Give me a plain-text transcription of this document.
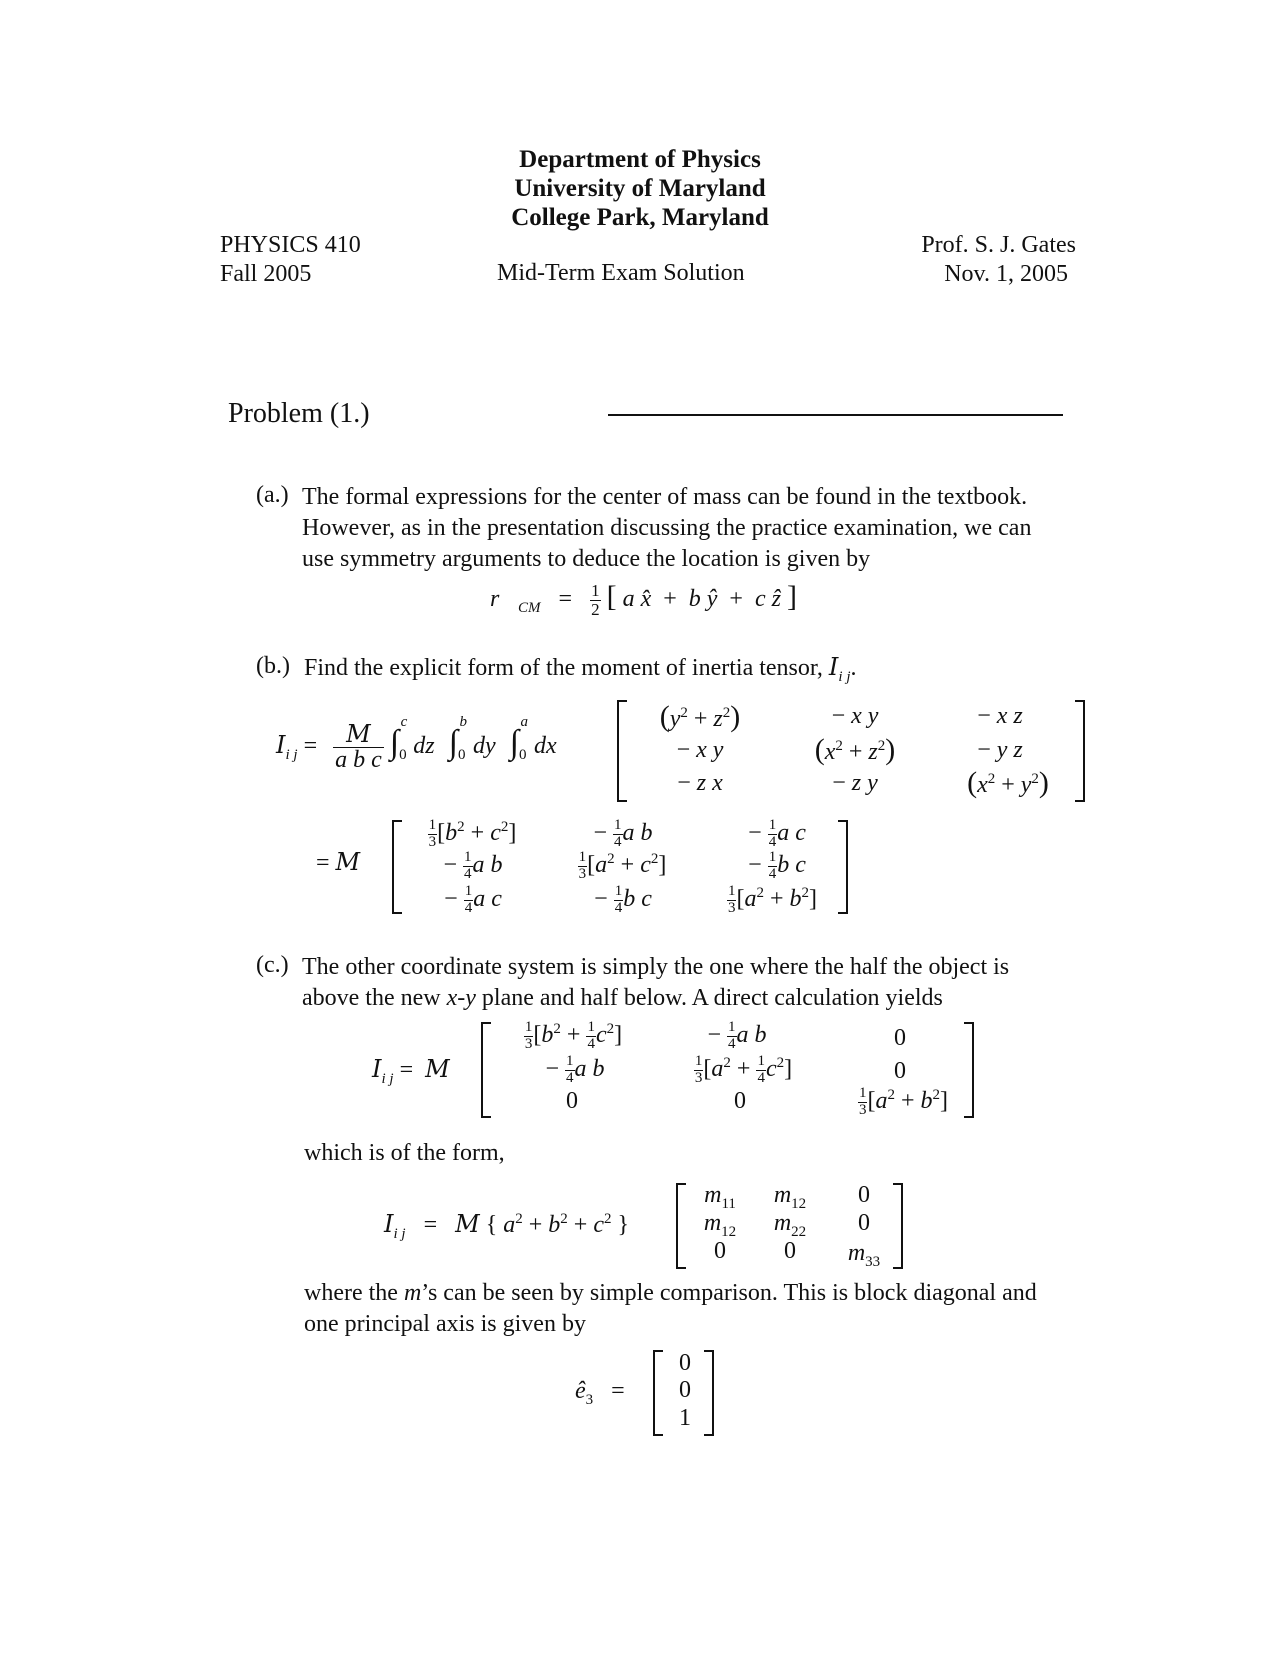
Department of Physics
University of Maryland
College Park, Maryland
PHYSICS 410
Fall 2005	Mid-Term Exam Solution
Prof. S. J. Gates
Nov. 1, 2005
Problem (1.)
(a.) The formal expressions for the center of mass can be found in the textbook.
However, as in the presentation discussing the practice examination, we can
use symmetry arguments to deduce the location is given by
$r⃗_{CM} = \frac{1}{2}$ [ a x̂  +  b ŷ  +  c ẑ ]
(b.) Find the explicit form of the moment of inertia tensor, $I_{i j}$.
$I_{i j} = \frac{M}{\text{a b c}} \int_0^cdz$ $\int_0^bdy$ $\int_0^adx$
$(y^2 + z^2)$	− x y	− x z
− x y	$(x^2 + z^2)$	− y z
− z x	− z y	$(x^2 + y^2)$
= M
$\frac{1}{3} [b^2 + c^2]$	− $\frac{1}{4}$ a b	− $\frac{1}{4}$ a c
− $\frac{1}{4}$ a b	$\frac{1}{3} [a^2 + c^2]$	− $\frac{1}{4}$ b c
− $\frac{1}{4}$ a c	− $\frac{1}{4}$ b c	$\frac{1}{3} [a^2 + b^2]$
(c.) The other coordinate system is simply the one where the half the object is
above the new x-y plane and half below. A direct calculation yields
$I_{i j} = M$
$\frac{1}{3} [b^2 + \frac{1}{4} c^2]$	− $\frac{1}{4}$ a b	0
− $\frac{1}{4}$ a b	$\frac{1}{3} [a^2 + \frac{1}{4} c^2]$	0
0	0	$\frac{1}{3} [a^2 + b^2]$
which is of the form,
$I_{i j} = M$ { $a^2 + b^2 + c^2$ }
$m_{11}$	$m_{12}$	0
$m_{12}$	$m_{22}$	0
0	0	$m_{33}$
where the m’s can be seen by simple comparison. This is block diagonal and
one principal axis is given by
$ê_3$   =
0
0
1
